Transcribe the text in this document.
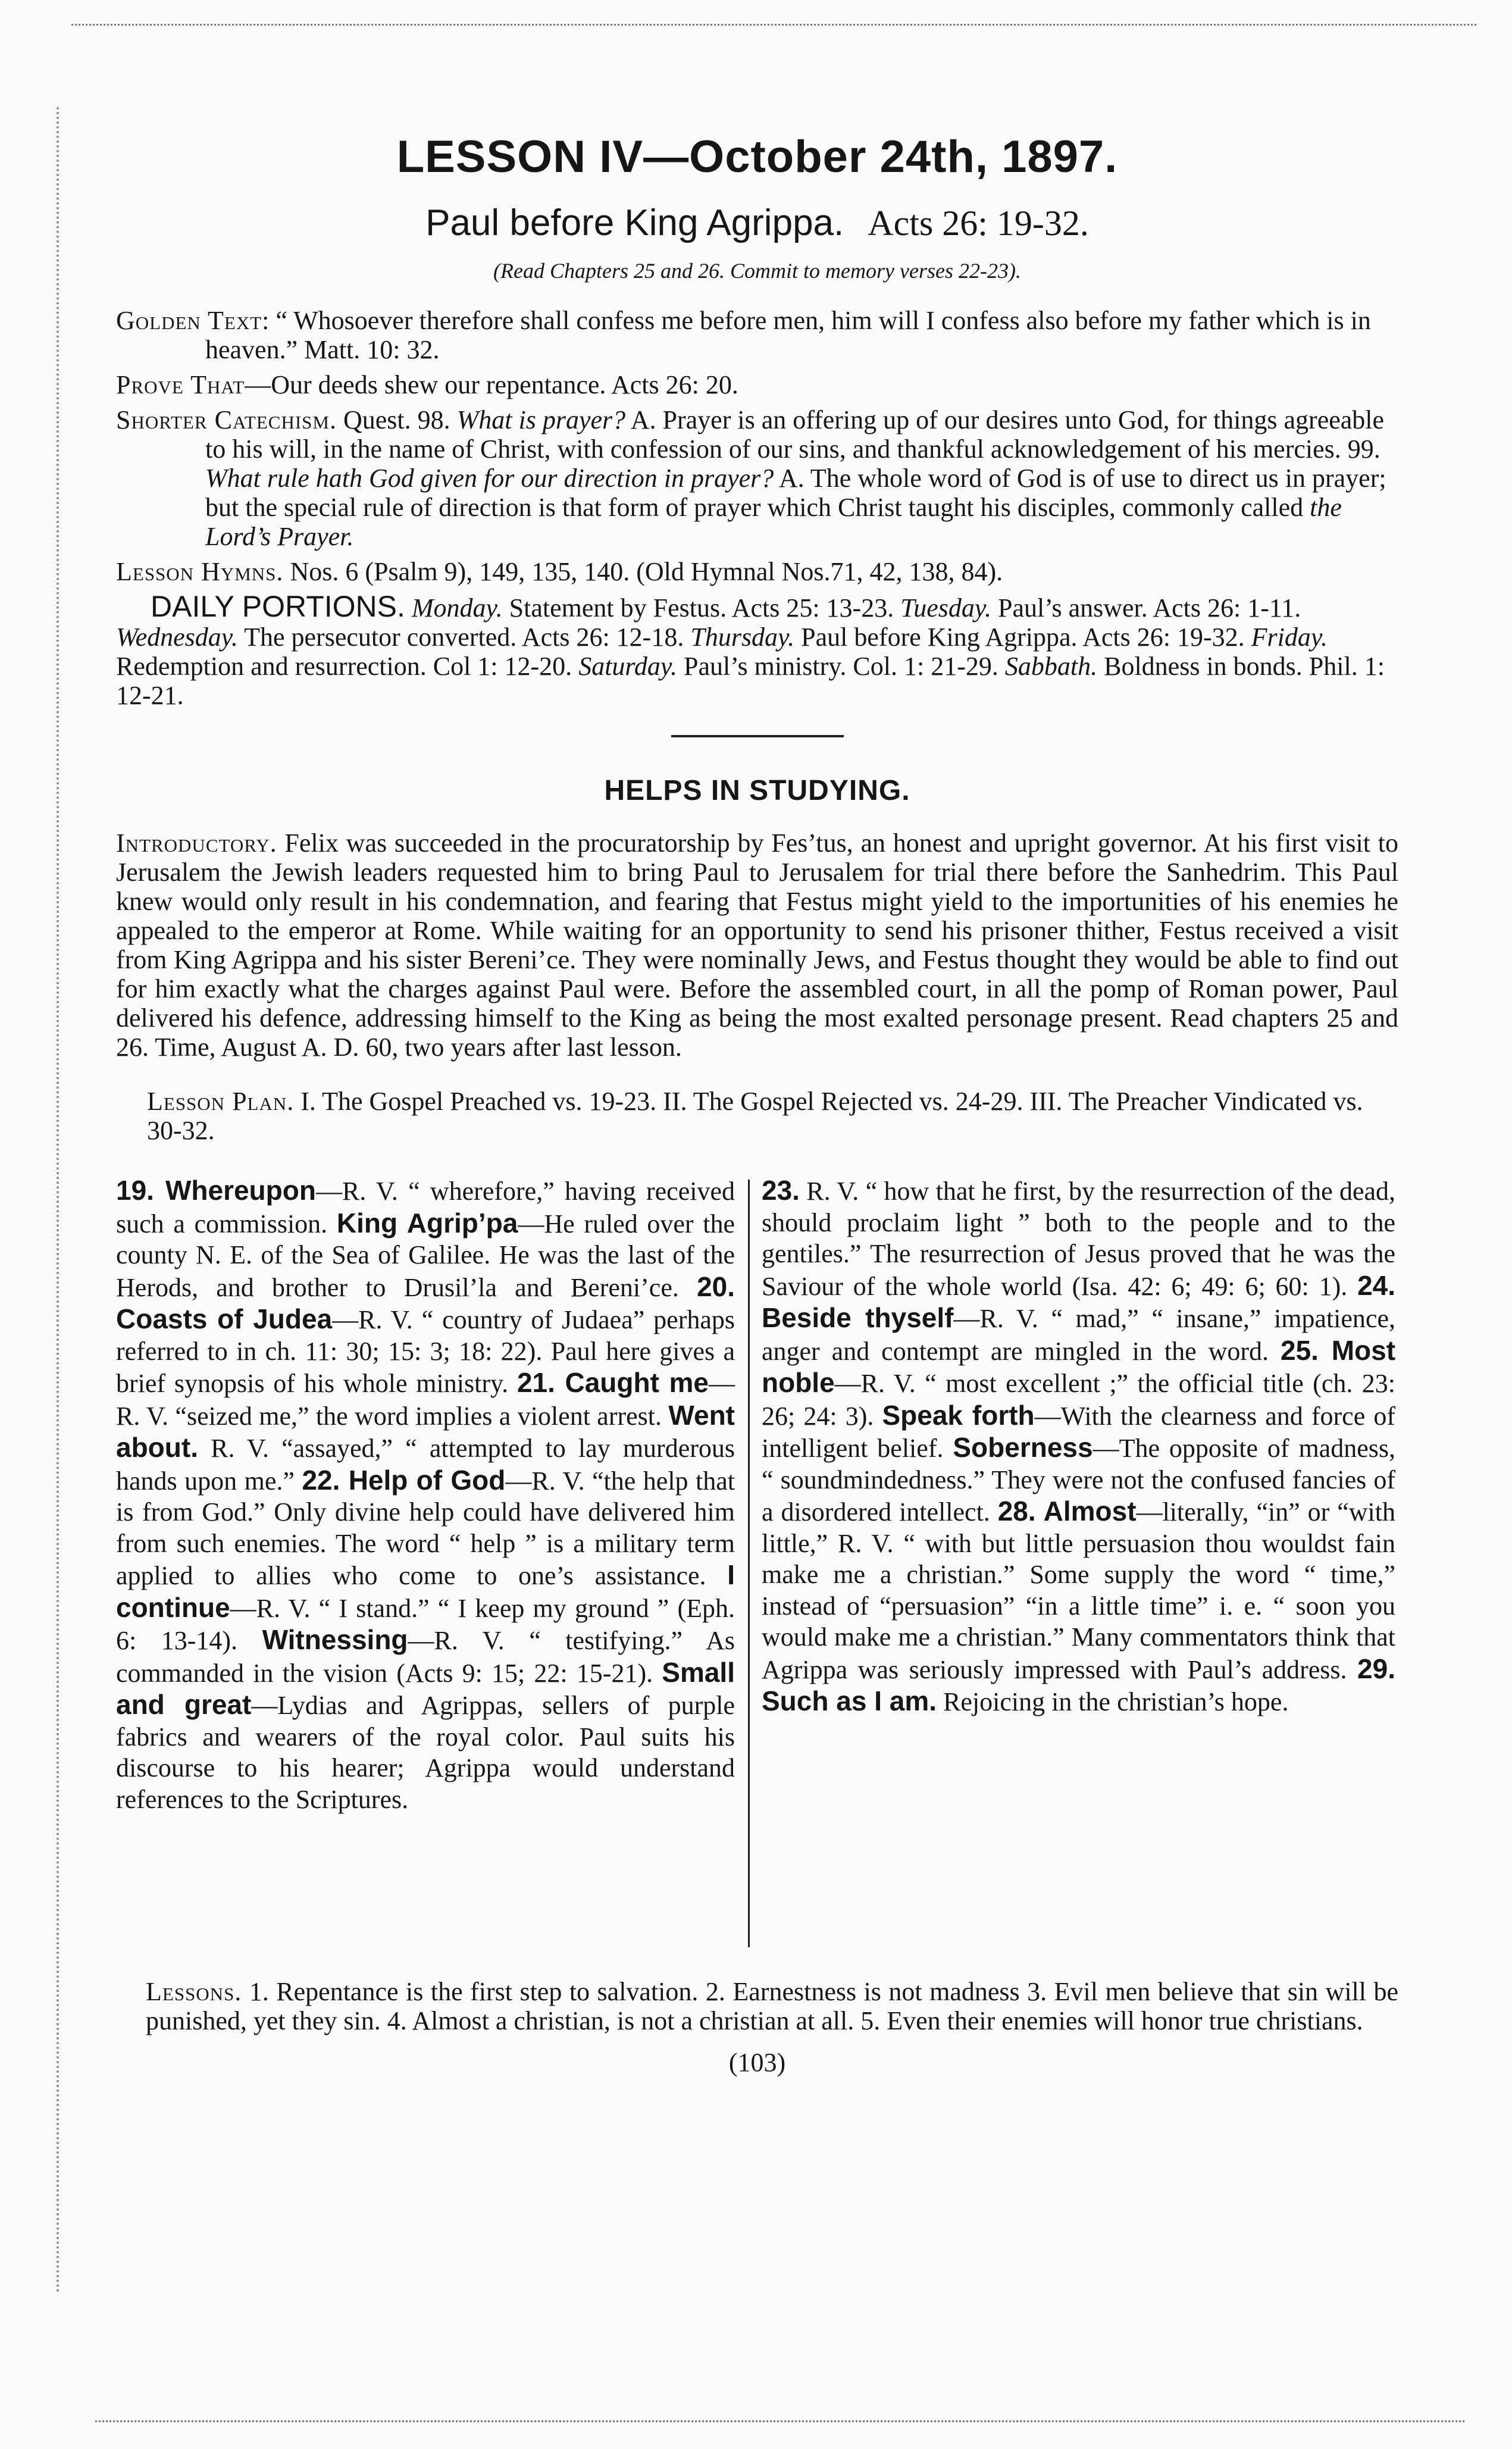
LESSON IV—October 24th, 1897.
Paul before King Agrippa. Acts 26: 19-32.
(Read Chapters 25 and 26. Commit to memory verses 22-23).

Golden Text: “ Whosoever therefore shall confess me before men, him will I confess also before my father which is in heaven.” Matt. 10: 32.

Prove That—Our deeds shew our repentance. Acts 26: 20.

Shorter Catechism. Quest. 98. What is prayer? A. Prayer is an offering up of our desires unto God, for things agreeable to his will, in the name of Christ, with confession of our sins, and thankful acknowledgement of his mercies. 99. What rule hath God given for our direction in prayer? A. The whole word of God is of use to direct us in prayer; but the special rule of direction is that form of prayer which Christ taught his disciples, commonly called the Lord’s Prayer.

Lesson Hymns. Nos. 6 (Psalm 9), 149, 135, 140. (Old Hymnal Nos.71, 42, 138, 84).

DAILY PORTIONS. Monday. Statement by Festus. Acts 25: 13-23. Tuesday. Paul’s answer. Acts 26: 1-11. Wednesday. The persecutor converted. Acts 26: 12-18. Thursday. Paul before King Agrippa. Acts 26: 19-32. Friday. Redemption and resurrection. Col 1: 12-20. Saturday. Paul’s ministry. Col. 1: 21-29. Sabbath. Boldness in bonds. Phil. 1: 12-21.

HELPS IN STUDYING.

Introductory. Felix was succeeded in the procuratorship by Fes’tus, an honest and upright governor. At his first visit to Jerusalem the Jewish leaders requested him to bring Paul to Jerusalem for trial there before the Sanhedrim. This Paul knew would only result in his condemnation, and fearing that Festus might yield to the importunities of his enemies he appealed to the emperor at Rome. While waiting for an opportunity to send his prisoner thither, Festus received a visit from King Agrippa and his sister Bereni’ce. They were nominally Jews, and Festus thought they would be able to find out for him exactly what the charges against Paul were. Before the assembled court, in all the pomp of Roman power, Paul delivered his defence, addressing himself to the King as being the most exalted personage present. Read chapters 25 and 26. Time, August A. D. 60, two years after last lesson.

Lesson Plan. I. The Gospel Preached vs. 19-23. II. The Gospel Rejected vs. 24-29. III. The Preacher Vindicated vs. 30-32.

19. Whereupon—R. V. “ wherefore,” having received such a commission. King Agrip’pa—He ruled over the county N. E. of the Sea of Galilee. He was the last of the Herods, and brother to Drusil’la and Bereni’ce. 20. Coasts of Judea—R. V. “ country of Judaea” perhaps referred to in ch. 11: 30; 15: 3; 18: 22). Paul here gives a brief synopsis of his whole ministry. 21. Caught me—R. V. “seized me,” the word implies a violent arrest. Went about. R. V. “assayed,” “ attempted to lay murderous hands upon me.” 22. Help of God—R. V. “the help that is from God.” Only divine help could have delivered him from such enemies. The word “ help ” is a military term applied to allies who come to one’s assistance. I continue—R. V. “ I stand.” “ I keep my ground ” (Eph. 6: 13-14). Witnessing—R. V. “ testifying.” As commanded in the vision (Acts 9: 15; 22: 15-21). Small and great—Lydias and Agrippas, sellers of purple fabrics and wearers of the royal color. Paul suits his discourse to his hearer; Agrippa would understand references to the Scriptures.
23. R. V. “ how that he first, by the resurrection of the dead, should proclaim light ” both to the people and to the gentiles.” The resurrection of Jesus proved that he was the Saviour of the whole world (Isa. 42: 6; 49: 6; 60: 1). 24. Beside thyself—R. V. “ mad,” “ insane,” impatience, anger and contempt are mingled in the word. 25. Most noble—R. V. “ most excellent ;” the official title (ch. 23: 26; 24: 3). Speak forth—With the clearness and force of intelligent belief. Soberness—The opposite of madness, “ soundmindedness.” They were not the confused fancies of a disordered intellect. 28. Almost—literally, “in” or “with little,” R. V. “ with but little persuasion thou wouldst fain make me a christian.” Some supply the word “ time,” instead of “persuasion” “in a little time” i. e. “ soon you would make me a christian.” Many commentators think that Agrippa was seriously impressed with Paul’s address. 29. Such as I am. Rejoicing in the christian’s hope.

Lessons. 1. Repentance is the first step to salvation. 2. Earnestness is not madness 3. Evil men believe that sin will be punished, yet they sin. 4. Almost a christian, is not a christian at all. 5. Even their enemies will honor true christians.

(103)
